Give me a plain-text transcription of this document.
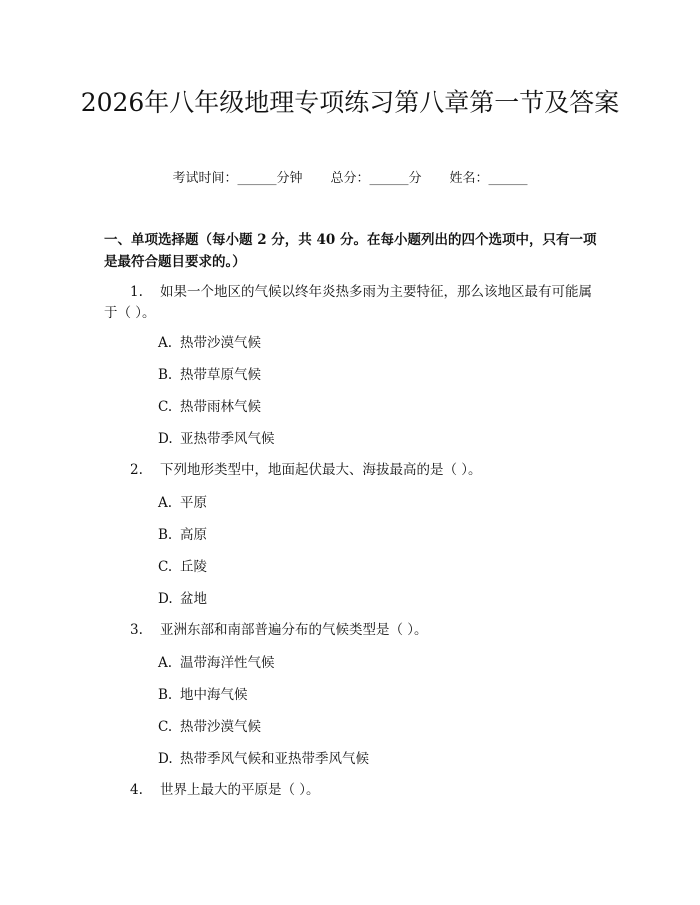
2026年八年级地理专项练习第八章第一节及答案
考试时间：______分钟 总分：______分 姓名：______

一、单项选择题（每小题 2 分，共 40 分。在每小题列出的四个选项中，只有一项是最符合题目要求的。）

1. 如果一个地区的气候以终年炎热多雨为主要特征，那么该地区最有可能属于（ ）。

A. 热带沙漠气候

B. 热带草原气候

C. 热带雨林气候

D. 亚热带季风气候

2. 下列地形类型中，地面起伏最大、海拔最高的是（ ）。

A. 平原

B. 高原

C. 丘陵

D. 盆地

3. 亚洲东部和南部普遍分布的气候类型是（ ）。

A. 温带海洋性气候

B. 地中海气候

C. 热带沙漠气候

D. 热带季风气候和亚热带季风气候

4. 世界上最大的平原是（ ）。
